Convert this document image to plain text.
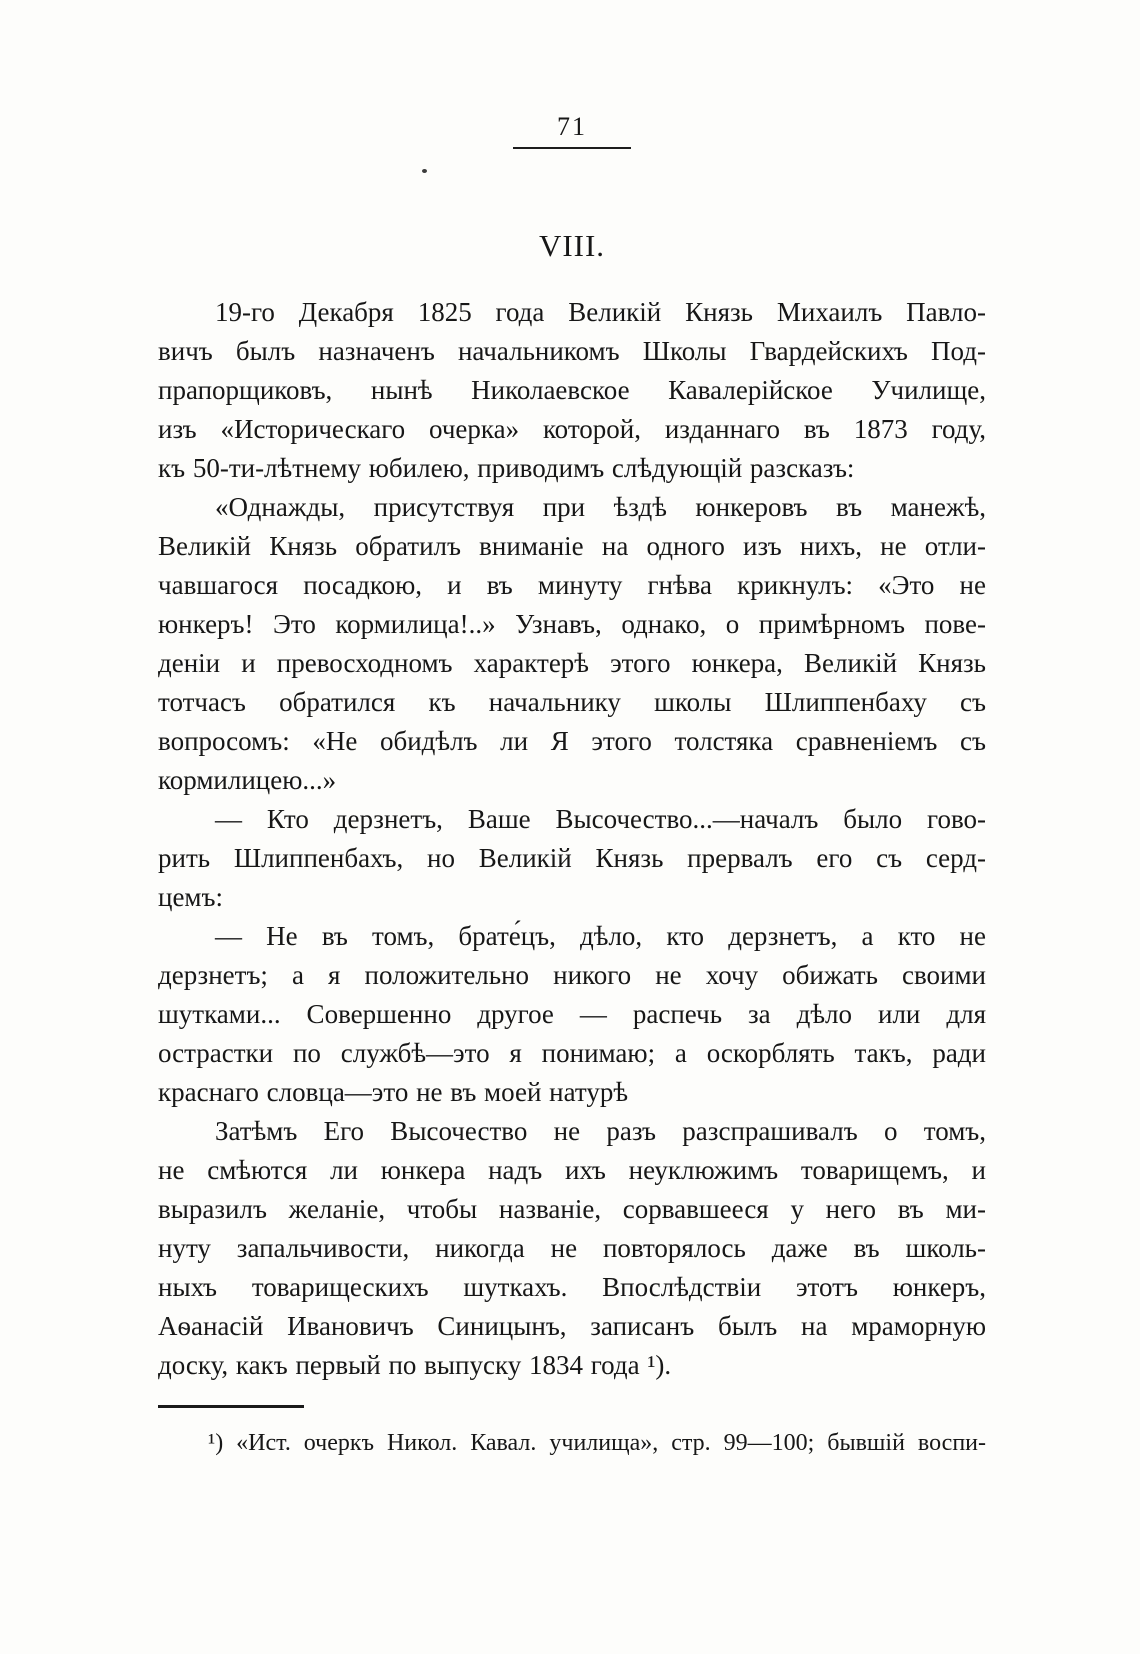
71
VIII.
19-го Декабря 1825 года Великій Князь Михаилъ Павло-
вичъ былъ назначенъ начальникомъ Школы Гвардейскихъ Под-
прапорщиковъ, нынѣ Николаевское Кавалерійское Училище,
изъ «Историческаго очерка» которой, изданнаго въ 1873 году,
къ 50-ти-лѣтнему юбилею, приводимъ слѣдующій разсказъ:
«Однажды, присутствуя при ѣздѣ юнкеровъ въ манежѣ,
Великій Князь обратилъ вниманіе на одного изъ нихъ, не отли-
чавшагося посадкою, и въ минуту гнѣва крикнулъ: «Это не
юнкеръ! Это кормилица!..» Узнавъ, однако, о примѣрномъ пове-
деніи и превосходномъ характерѣ этого юнкера, Великій Князь
тотчасъ обратился къ начальнику школы Шлиппенбаху съ
вопросомъ: «Не обидѣлъ ли Я этого толстяка сравненіемъ съ
кормилицею...»
— Кто дерзнетъ, Ваше Высочество...—началъ было гово-
рить Шлиппенбахъ, но Великій Князь прервалъ его съ серд-
цемъ:
— Не въ томъ, брате́цъ, дѣло, кто дерзнетъ, а кто не
дерзнетъ; а я положительно никого не хочу обижать своими
шутками... Совершенно другое — распечь за дѣло или для
острастки по службѣ—это я понимаю; а оскорблять такъ, ради
краснаго словца—это не въ моей натурѣ
Затѣмъ Его Высочество не разъ разспрашивалъ о томъ,
не смѣются ли юнкера надъ ихъ неуклюжимъ товарищемъ, и
выразилъ желаніе, чтобы названіе, сорвавшееся у него въ ми-
нуту запальчивости, никогда не повторялось даже въ школь-
ныхъ товарищескихъ шуткахъ. Впослѣдствіи этотъ юнкеръ,
Аѳанасій Ивановичъ Синицынъ, записанъ былъ на мраморную
доску, какъ первый по выпуску 1834 года ¹).
¹) «Ист. очеркъ Никол. Кавал. училища», стр. 99—100; бывшій воспи-
